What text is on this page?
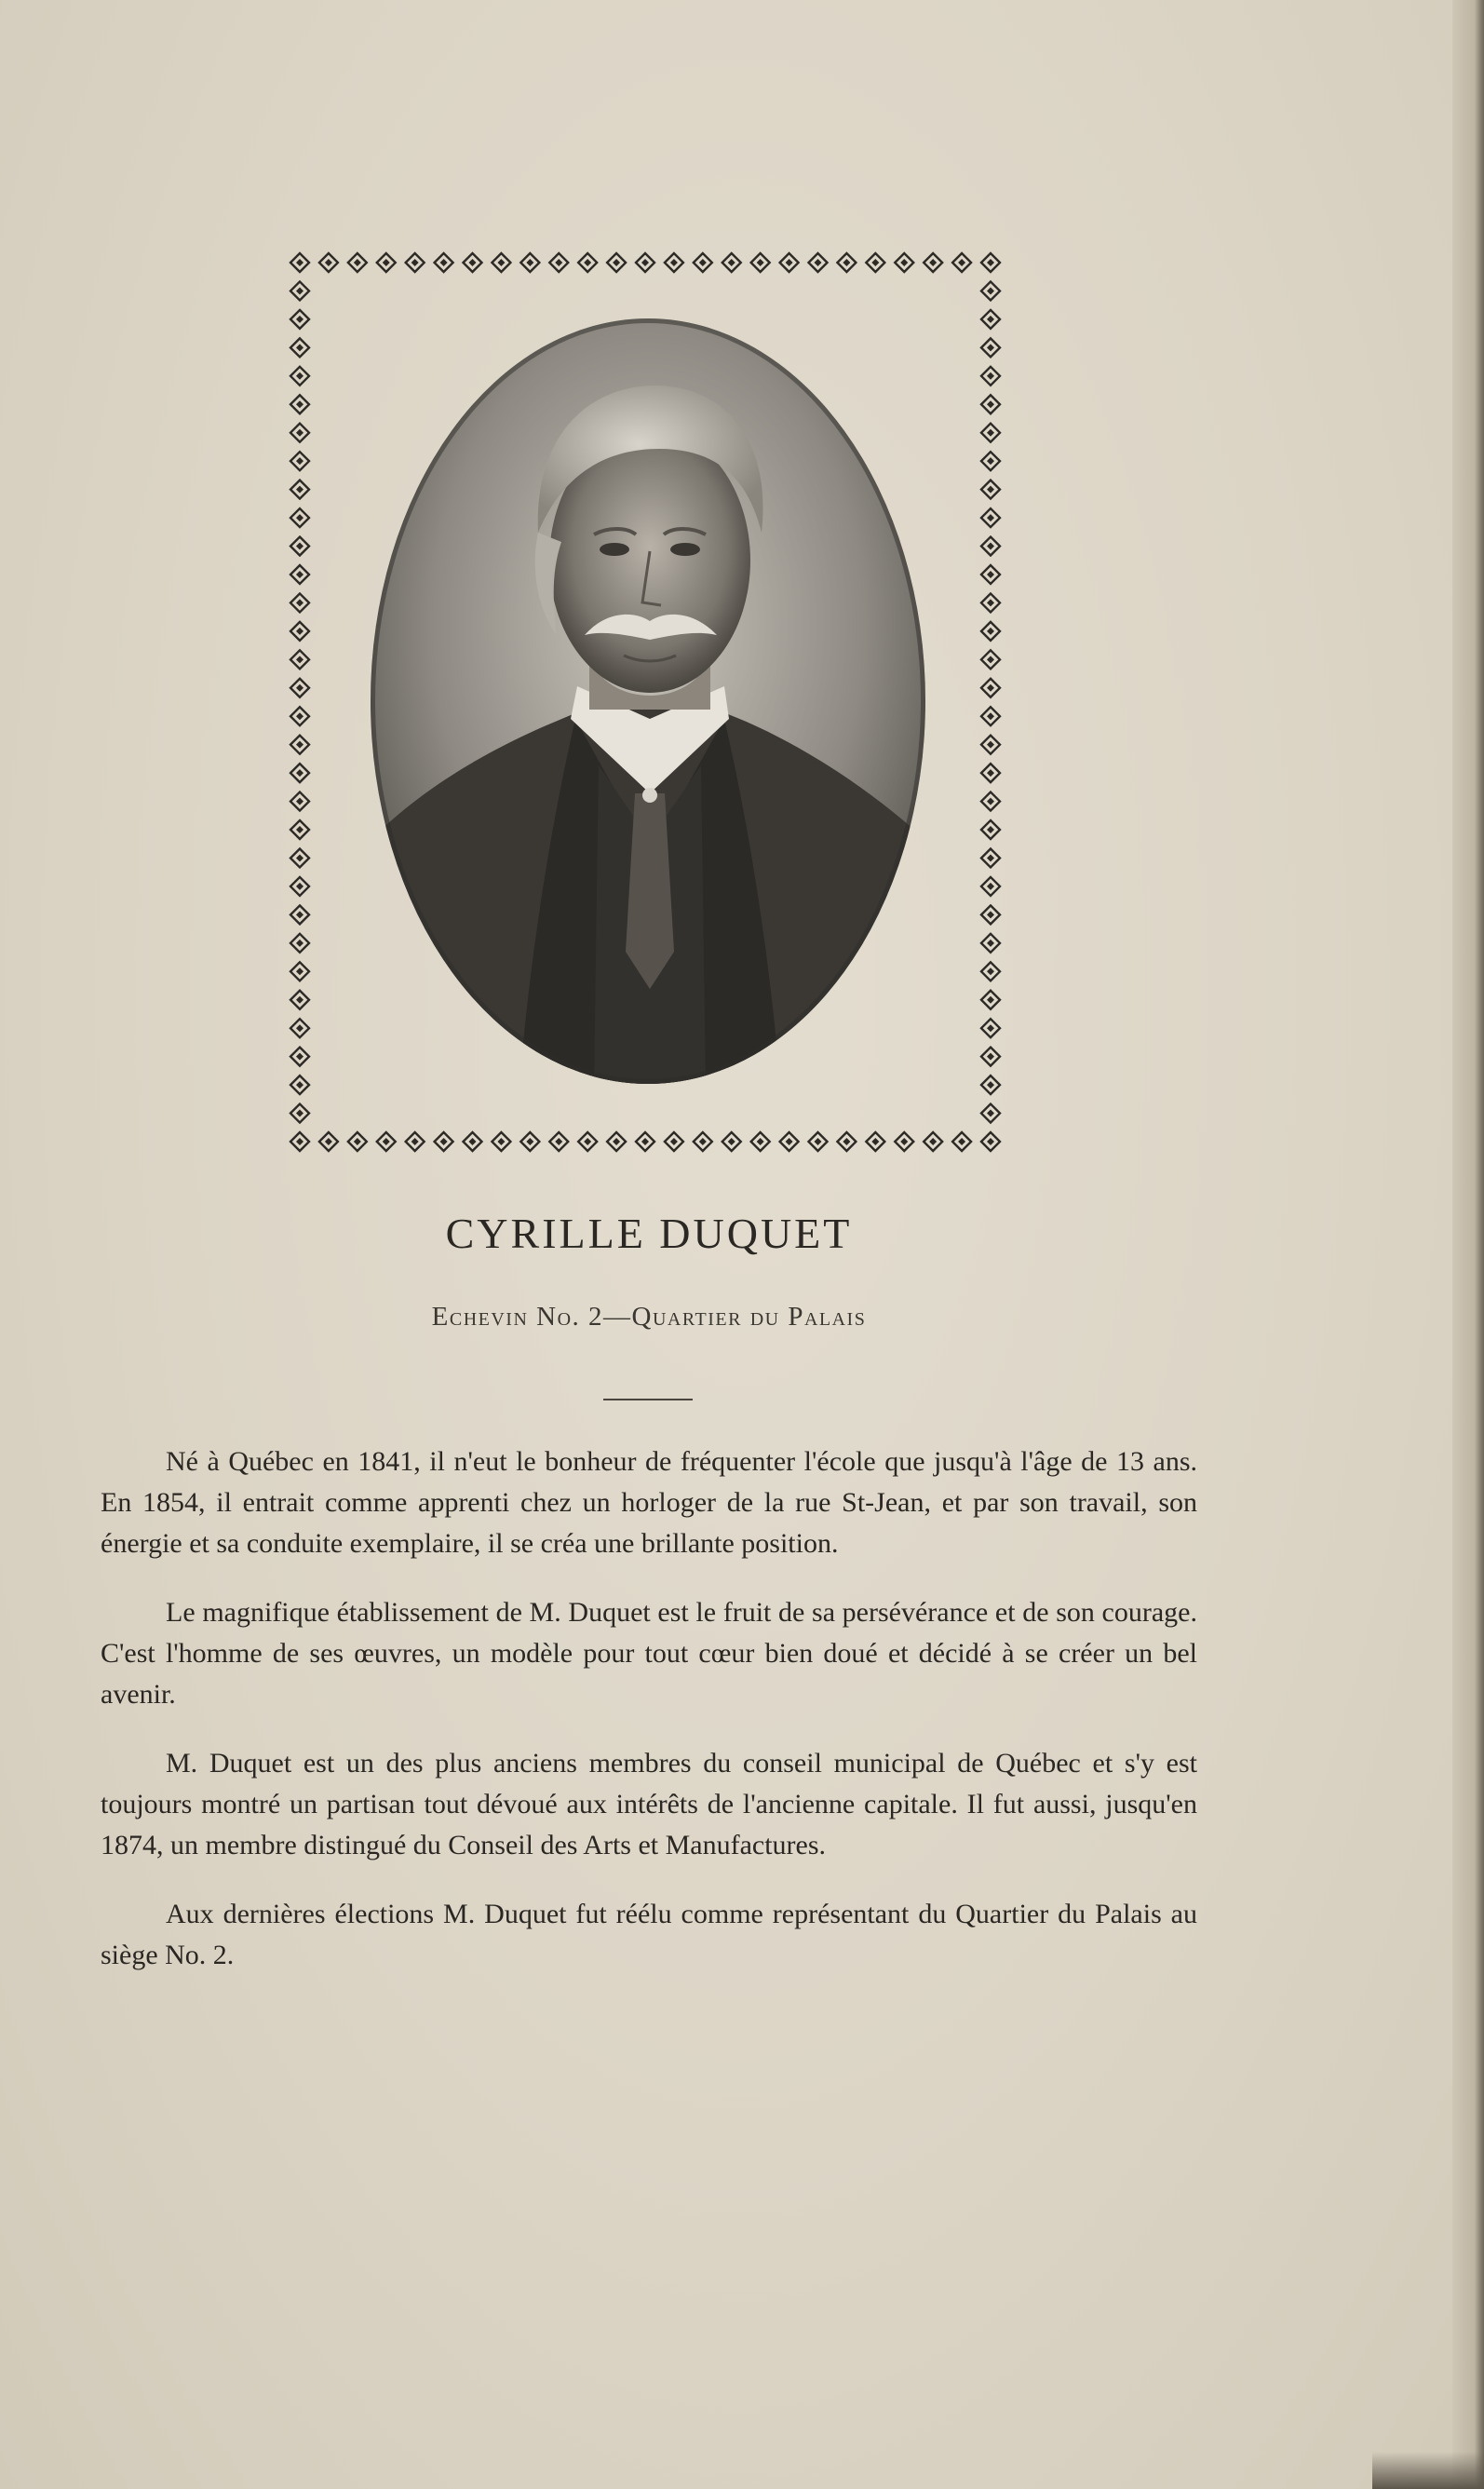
CYRILLE DUQUET
Echevin No. 2—Quartier du Palais

Né à Québec en 1841, il n'eut le bonheur de fréquenter l'école que jusqu'à l'âge de 13 ans. En 1854, il entrait comme apprenti chez un horloger de la rue St-Jean, et par son travail, son énergie et sa conduite exemplaire, il se créa une brillante position.

Le magnifique établissement de M. Duquet est le fruit de sa persévérance et de son courage. C'est l'homme de ses œuvres, un modèle pour tout cœur bien doué et décidé à se créer un bel avenir.

M. Duquet est un des plus anciens membres du conseil municipal de Québec et s'y est toujours montré un partisan tout dévoué aux intérêts de l'ancienne capitale. Il fut aussi, jusqu'en 1874, un membre distingué du Conseil des Arts et Manufactures.

Aux dernières élections M. Duquet fut réélu comme représentant du Quartier du Palais au siège No. 2.
